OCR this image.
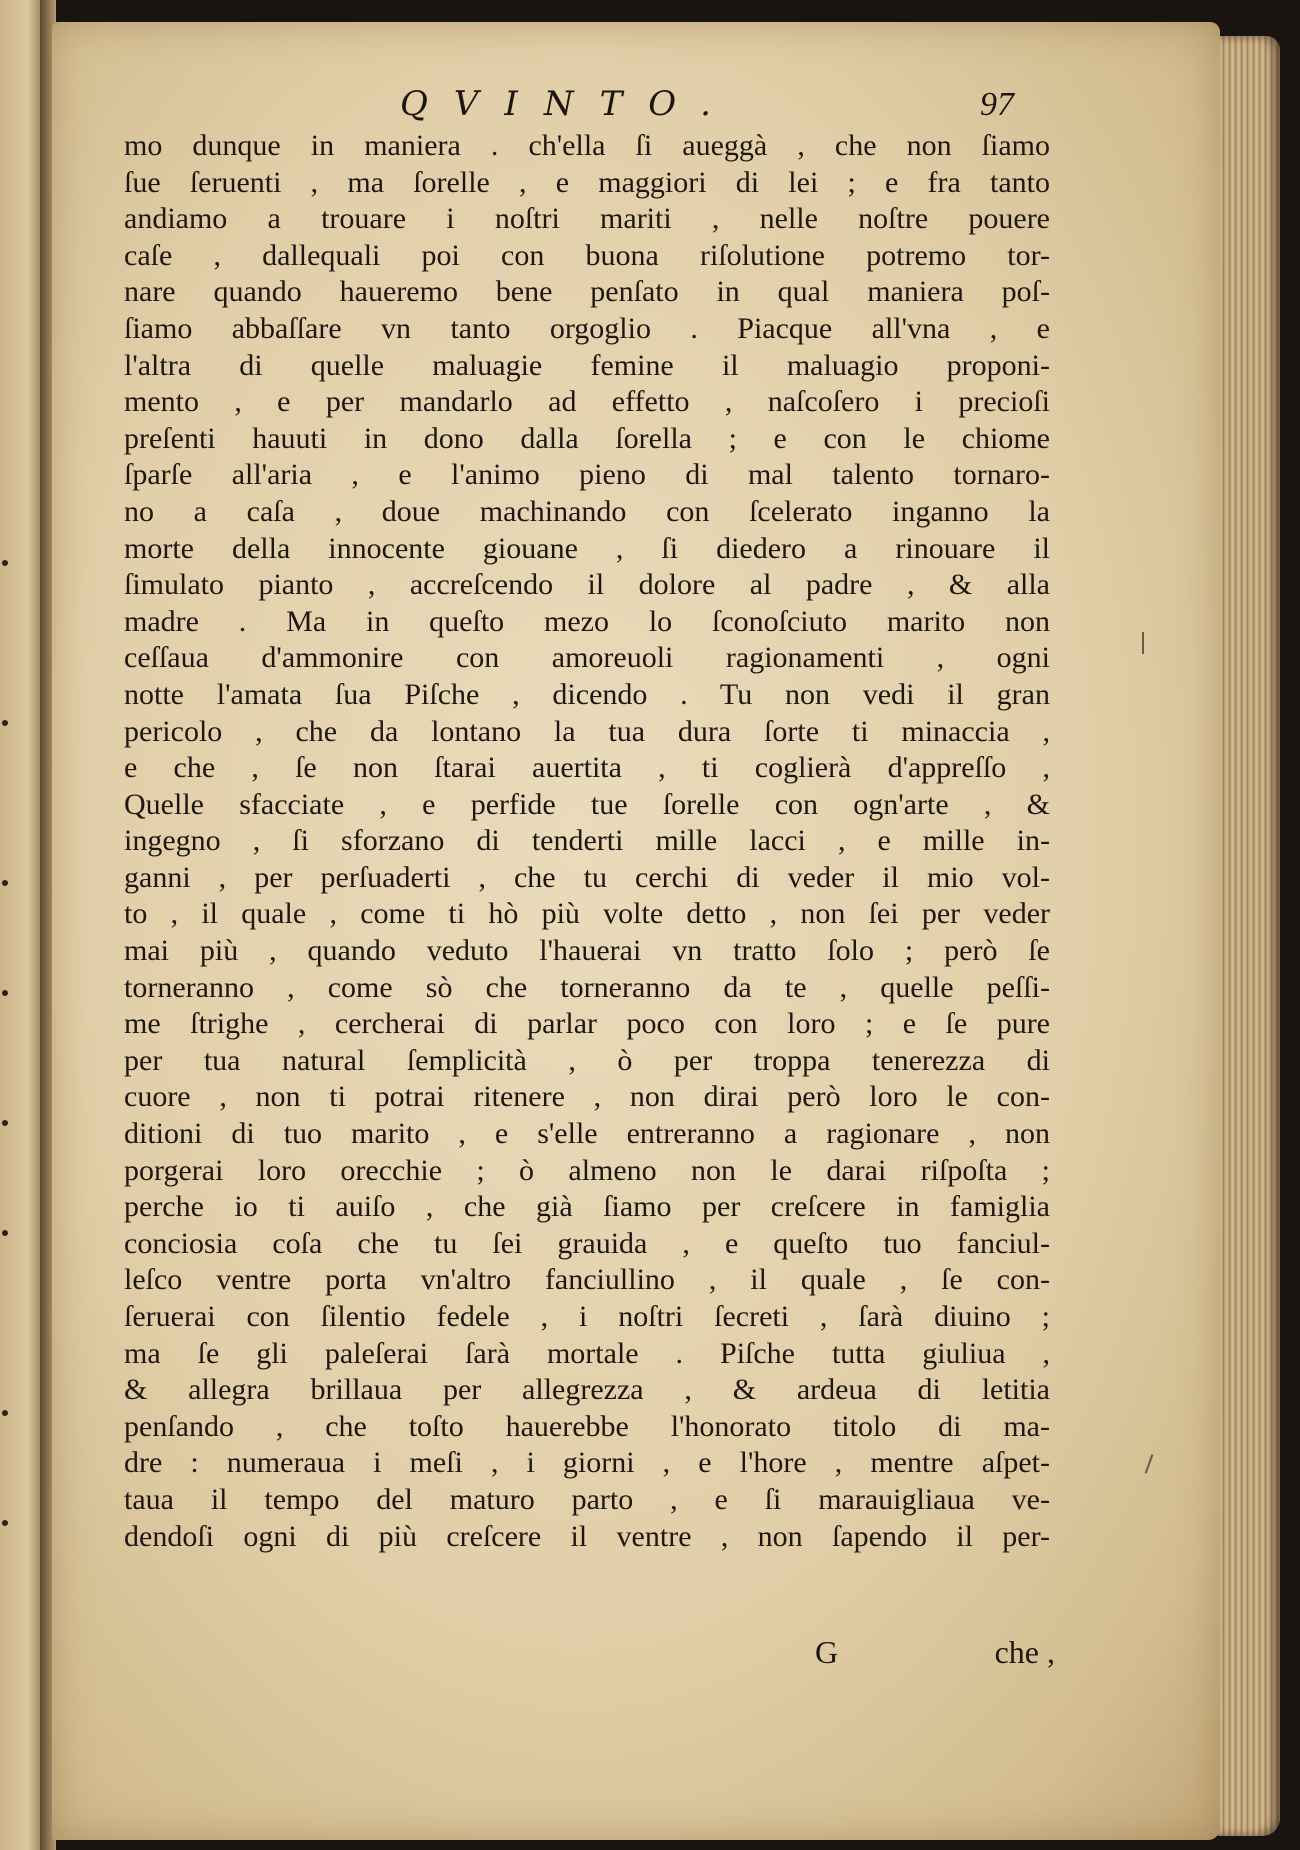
QVINTO.	97
mo dunque in maniera . ch'ella ſi aueggà , che non ſiamo
ſue ſeruenti , ma ſorelle , e maggiori di lei ; e fra tanto
andiamo a trouare i noſtri mariti , nelle noſtre pouere
caſe , dallequali poi con buona riſolutione potremo tor-
nare quando haueremo bene penſato in qual maniera poſ-
ſiamo abbaſſare vn tanto orgoglio . Piacque all'vna , e
l'altra di quelle maluagie femine il maluagio proponi-
mento , e per mandarlo ad effetto , naſcoſero i precioſi
preſenti hauuti in dono dalla ſorella ; e con le chiome
ſparſe all'aria , e l'animo pieno di mal talento tornaro-
no a caſa , doue machinando con ſcelerato inganno la
morte della innocente giouane , ſi diedero a rinouare il
ſimulato pianto , accreſcendo il dolore al padre , & alla
madre . Ma in queſto mezo lo ſconoſciuto marito non
ceſſaua d'ammonire con amoreuoli ragionamenti , ogni
notte l'amata ſua Piſche , dicendo . Tu non vedi il gran
pericolo , che da lontano la tua dura ſorte ti minaccia ,
e che , ſe non ſtarai auertita , ti coglierà d'appreſſo ,
Quelle sfacciate , e perfide tue ſorelle con ogn'arte , &
ingegno , ſi sforzano di tenderti mille lacci , e mille in-
ganni , per perſuaderti , che tu cerchi di veder il mio vol-
to , il quale , come ti hò più volte detto , non ſei per veder
mai più , quando veduto l'hauerai vn tratto ſolo ; però ſe
torneranno , come sò che torneranno da te , quelle peſſi-
me ſtrighe , cercherai di parlar poco con loro ; e ſe pure
per tua natural ſemplicità , ò per troppa tenerezza di
cuore , non ti potrai ritenere , non dirai però loro le con-
ditioni di tuo marito , e s'elle entreranno a ragionare , non
porgerai loro orecchie ; ò almeno non le darai riſpoſta ;
perche io ti auiſo , che già ſiamo per creſcere in famiglia
conciosia coſa che tu ſei grauida , e queſto tuo fanciul-
leſco ventre porta vn'altro fanciullino , il quale , ſe con-
ſeruerai con ſilentio fedele , i noſtri ſecreti , ſarà diuino ;
ma ſe gli paleſerai ſarà mortale . Piſche tutta giuliua ,
& allegra brillaua per allegrezza , & ardeua di letitia
penſando , che toſto hauerebbe l'honorato titolo di ma-
dre : numeraua i meſi , i giorni , e l'hore , mentre aſpet-
taua il tempo del maturo parto , e ſi marauigliaua ve-
dendoſi ogni di più creſcere il ventre , non ſapendo il per-
G	che ,
